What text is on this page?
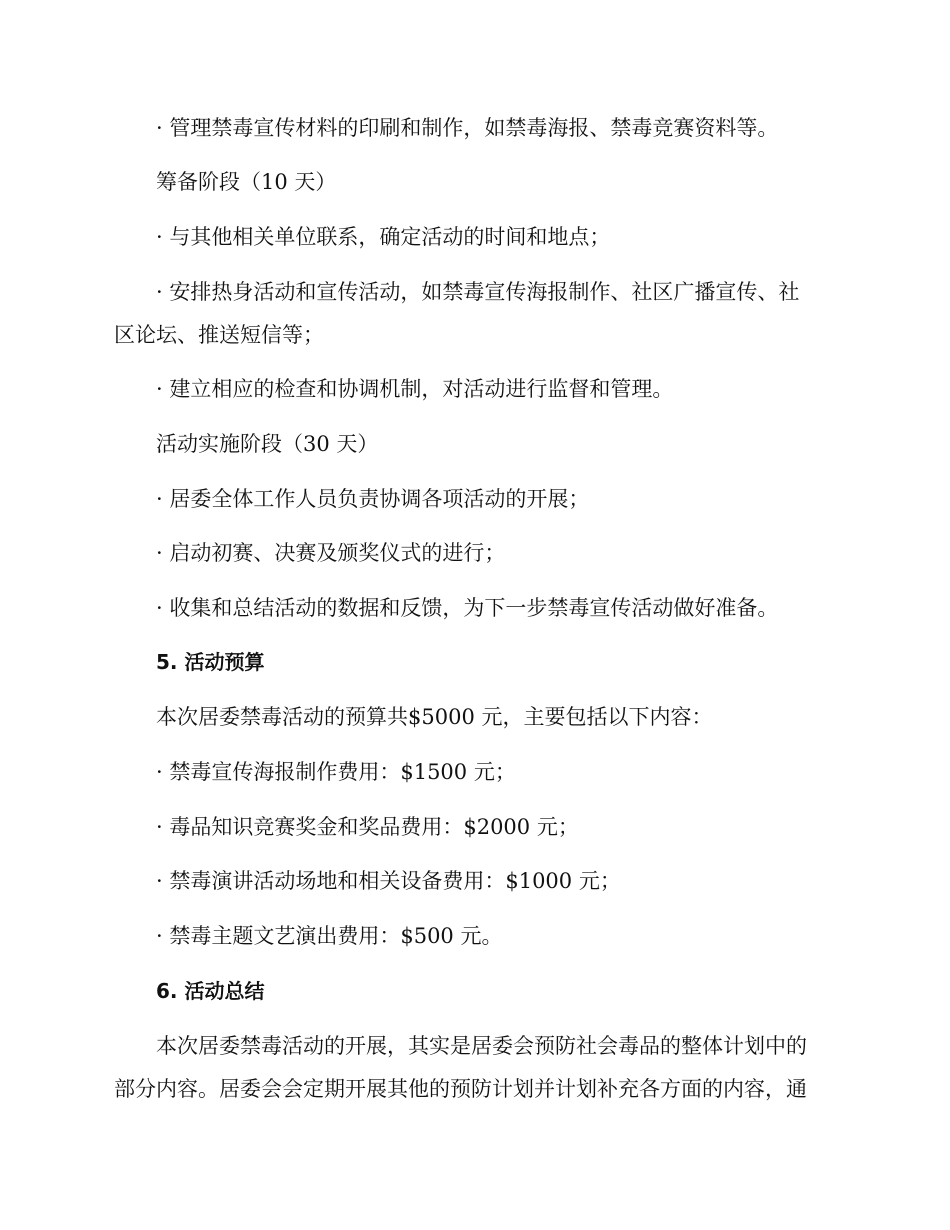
· 管理禁毒宣传材料的印刷和制作，如禁毒海报、禁毒竞赛资料等。
筹备阶段（10 天）
· 与其他相关单位联系，确定活动的时间和地点；
· 安排热身活动和宣传活动，如禁毒宣传海报制作、社区广播宣传、社
区论坛、推送短信等；
· 建立相应的检查和协调机制，对活动进行监督和管理。
活动实施阶段（30 天）
· 居委全体工作人员负责协调各项活动的开展；
· 启动初赛、决赛及颁奖仪式的进行；
· 收集和总结活动的数据和反馈，为下一步禁毒宣传活动做好准备。
5. 活动预算
本次居委禁毒活动的预算共$5000 元，主要包括以下内容：
· 禁毒宣传海报制作费用：$1500 元；
· 毒品知识竞赛奖金和奖品费用：$2000 元；
· 禁毒演讲活动场地和相关设备费用：$1000 元；
· 禁毒主题文艺演出费用：$500 元。
6. 活动总结
本次居委禁毒活动的开展，其实是居委会预防社会毒品的整体计划中的
部分内容。居委会会定期开展其他的预防计划并计划补充各方面的内容，通
